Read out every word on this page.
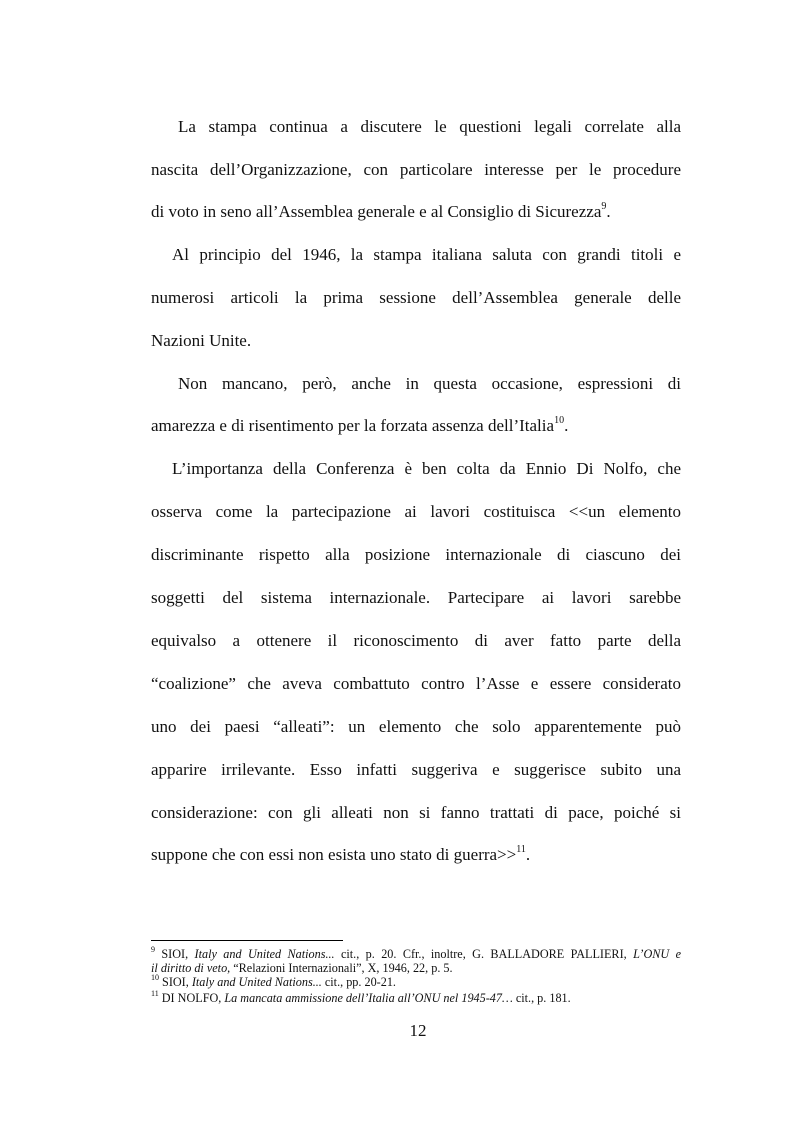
La stampa continua a discutere le questioni legali correlate alla
nascita dell’Organizzazione, con particolare interesse per le procedure
di voto in seno all’Assemblea generale e al Consiglio di Sicurezza$^9$.
Al principio del 1946, la stampa italiana saluta con grandi titoli e
numerosi articoli la prima sessione dell’Assemblea generale delle
Nazioni Unite.
Non mancano, però, anche in questa occasione, espressioni di
amarezza e di risentimento per la forzata assenza dell’Italia$^{10}$.
L’importanza della Conferenza è ben colta da Ennio Di Nolfo, che
osserva come la partecipazione ai lavori costituisca <<un elemento
discriminante rispetto alla posizione internazionale di ciascuno dei
soggetti del sistema internazionale. Partecipare ai lavori sarebbe
equivalso a ottenere il riconoscimento di aver fatto parte della
“coalizione” che aveva combattuto contro l’Asse e essere considerato
uno dei paesi “alleati”: un elemento che solo apparentemente può
apparire irrilevante. Esso infatti suggeriva e suggerisce subito una
considerazione: con gli alleati non si fanno trattati di pace, poiché si
suppone che con essi non esista uno stato di guerra>>$^{11}$.
$^9$ SIOI, Italy and United Nations... cit., p. 20. Cfr., inoltre, G. BALLADORE PALLIERI, L’ONU e
il diritto di veto, “Relazioni Internazionali”, X, 1946, 22, p. 5.
$^{10}$ SIOI, Italy and United Nations... cit., pp. 20-21.
$^{11}$ DI NOLFO, La mancata ammissione dell’Italia all’ONU nel 1945-47… cit., p. 181.
12
